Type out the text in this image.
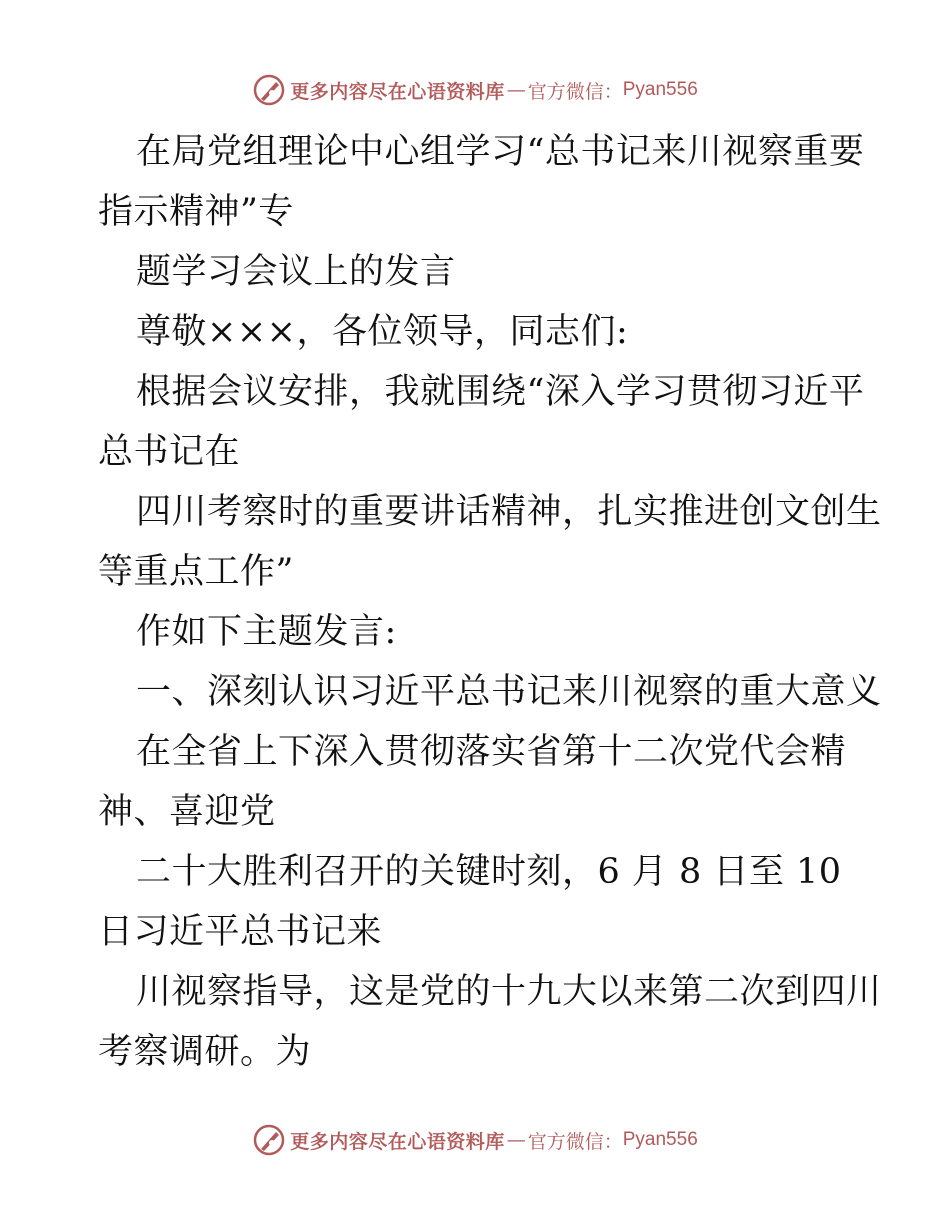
更多内容尽在心语资料库 — 官方微信： Pyan556
在局党组理论中心组学习“总书记来川视察重要
指示精神”专
题学习会议上的发言
尊敬×××，各位领导，同志们:
根据会议安排，我就围绕“深入学习贯彻习近平
总书记在
四川考察时的重要讲话精神，扎实推进创文创生
等重点工作”
作如下主题发言:
一、深刻认识习近平总书记来川视察的重大意义
在全省上下深入贯彻落实省第十二次党代会精
神、喜迎党
二十大胜利召开的关键时刻，6 月 8 日至 10
日习近平总书记来
川视察指导，这是党的十九大以来第二次到四川
考察调研。为
更多内容尽在心语资料库 — 官方微信： Pyan556
